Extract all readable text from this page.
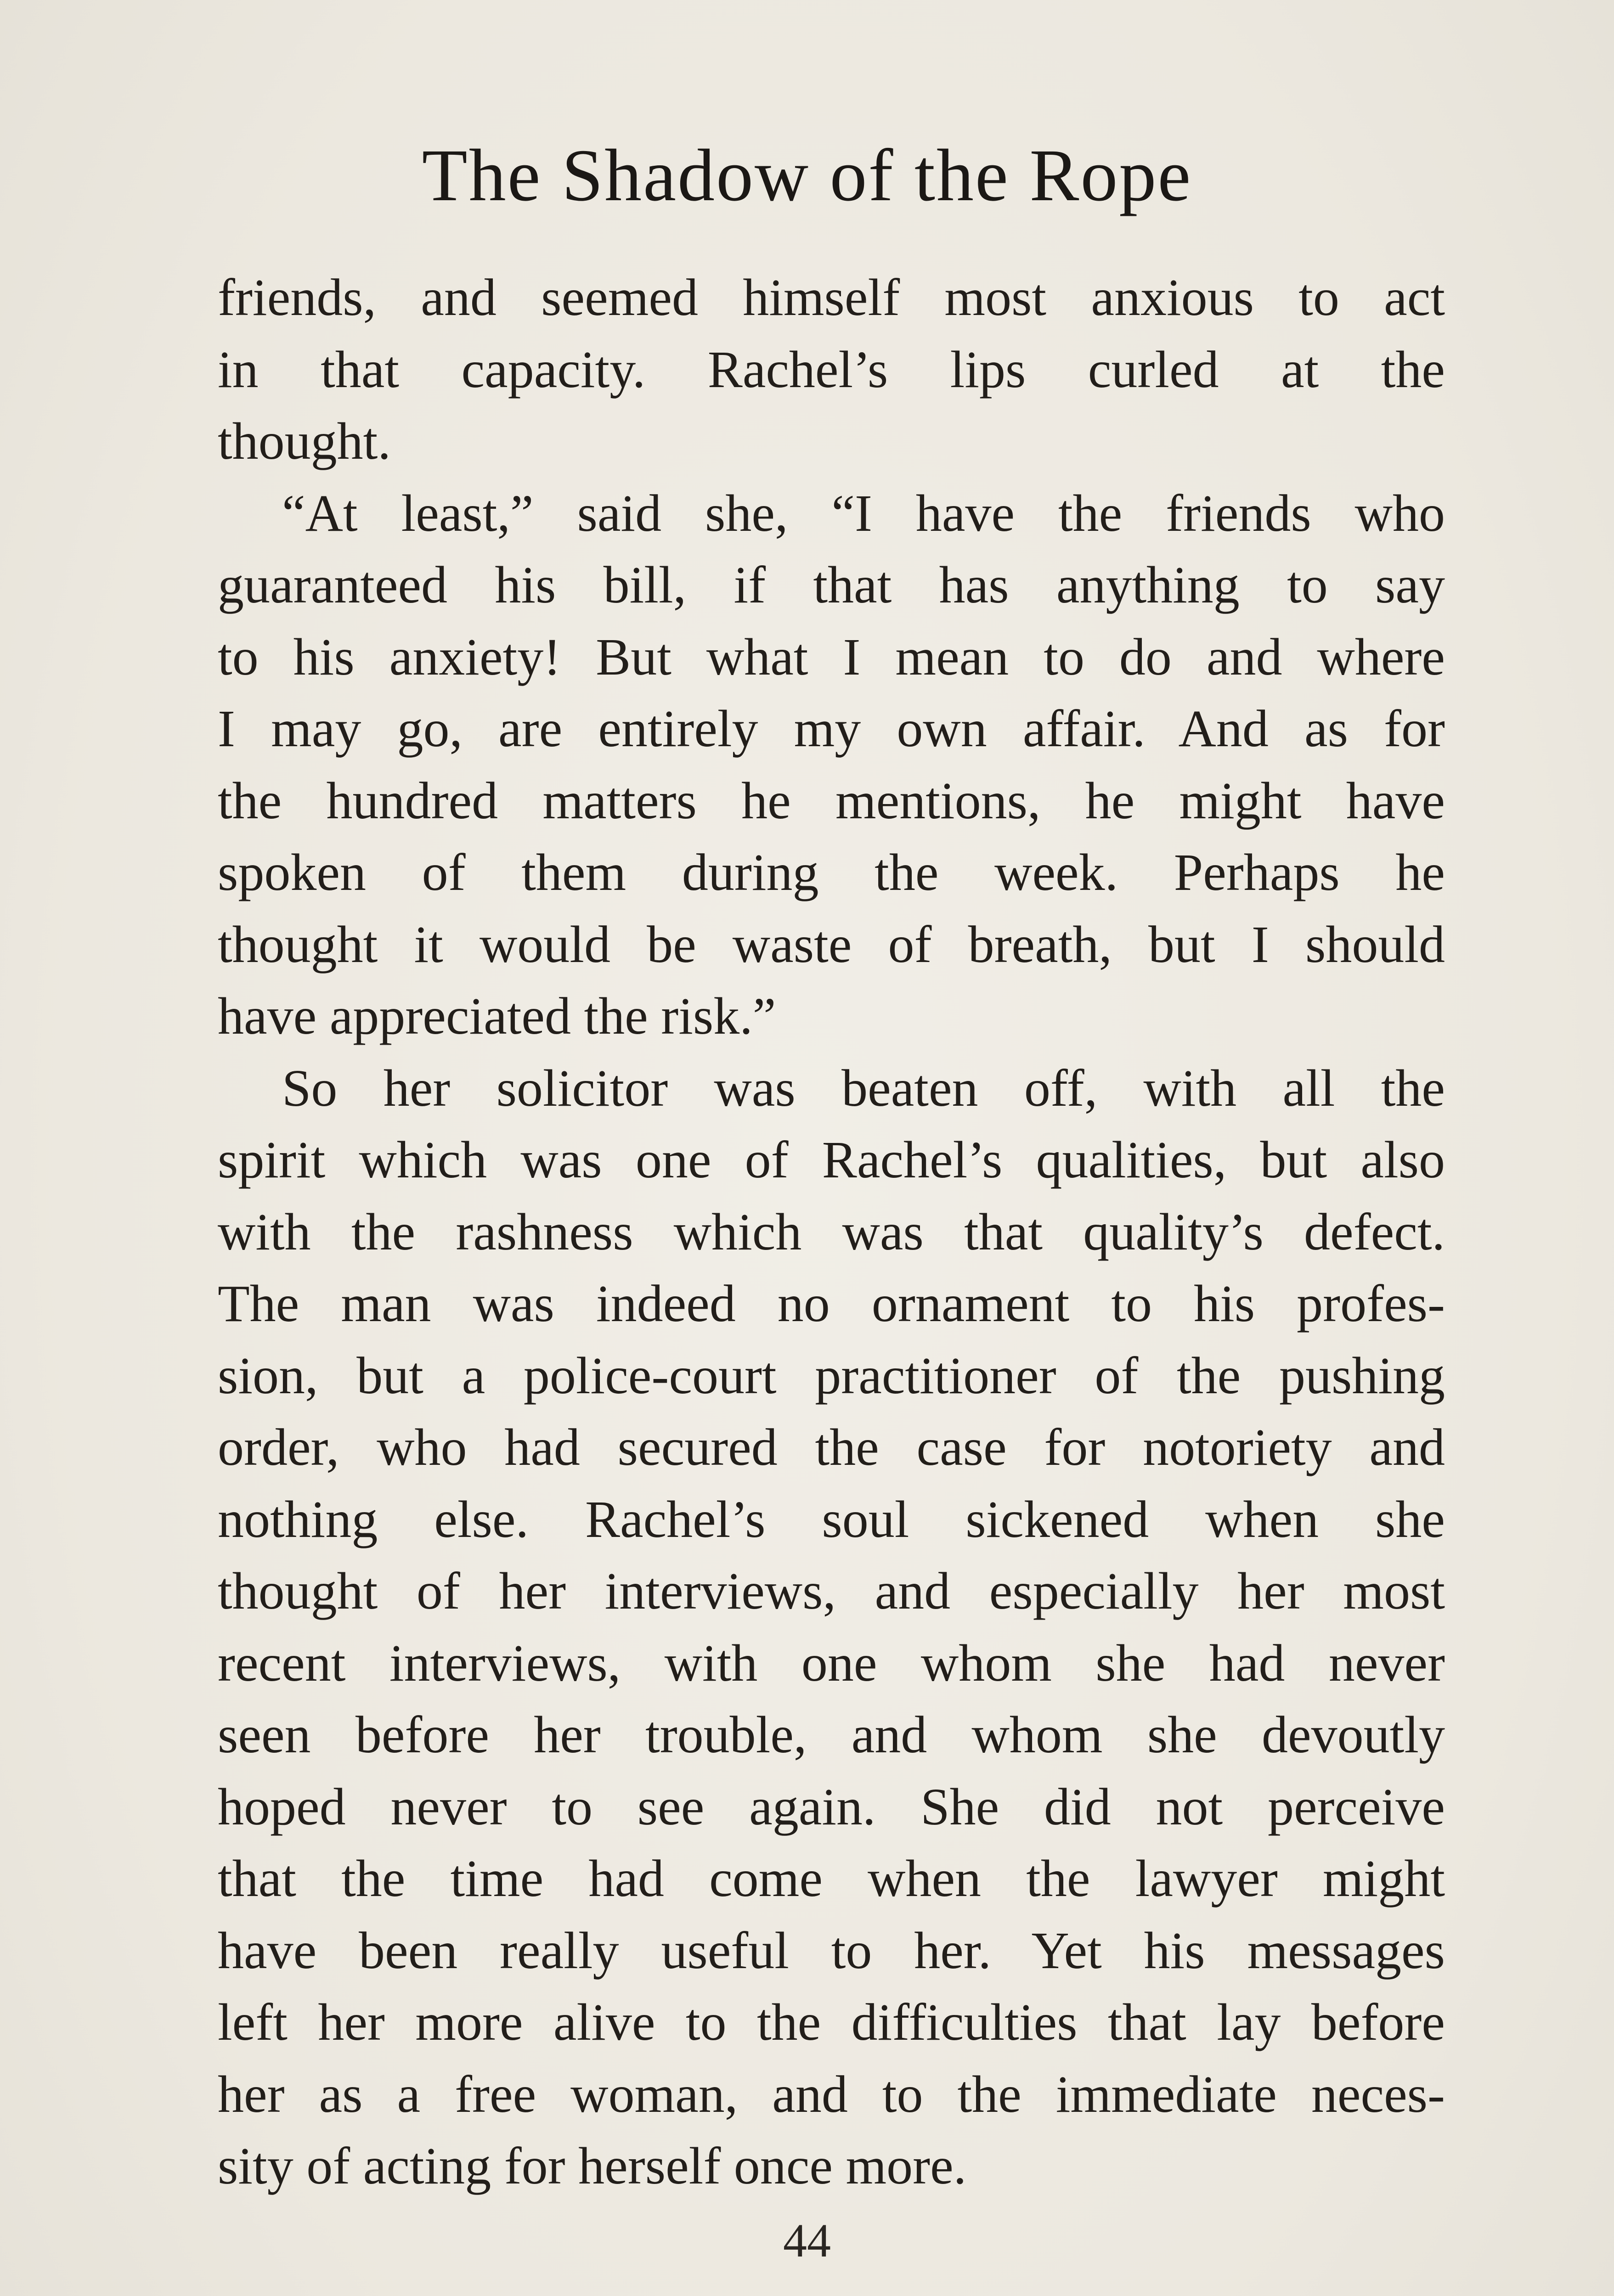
The Shadow of the Rope
friends, and seemed himself most anxious to act
in that capacity. Rachel’s lips curled at the
thought.
“At least,” said she, “I have the friends who
guaranteed his bill, if that has anything to say
to his anxiety! But what I mean to do and where
I may go, are entirely my own affair. And as for
the hundred matters he mentions, he might have
spoken of them during the week. Perhaps he
thought it would be waste of breath, but I should
have appreciated the risk.”
So her solicitor was beaten off, with all the
spirit which was one of Rachel’s qualities, but also
with the rashness which was that quality’s defect.
The man was indeed no ornament to his profes-
sion, but a police-court practitioner of the pushing
order, who had secured the case for notoriety and
nothing else. Rachel’s soul sickened when she
thought of her interviews, and especially her most
recent interviews, with one whom she had never
seen before her trouble, and whom she devoutly
hoped never to see again. She did not perceive
that the time had come when the lawyer might
have been really useful to her. Yet his messages
left her more alive to the difficulties that lay before
her as a free woman, and to the immediate neces-
sity of acting for herself once more.
44
